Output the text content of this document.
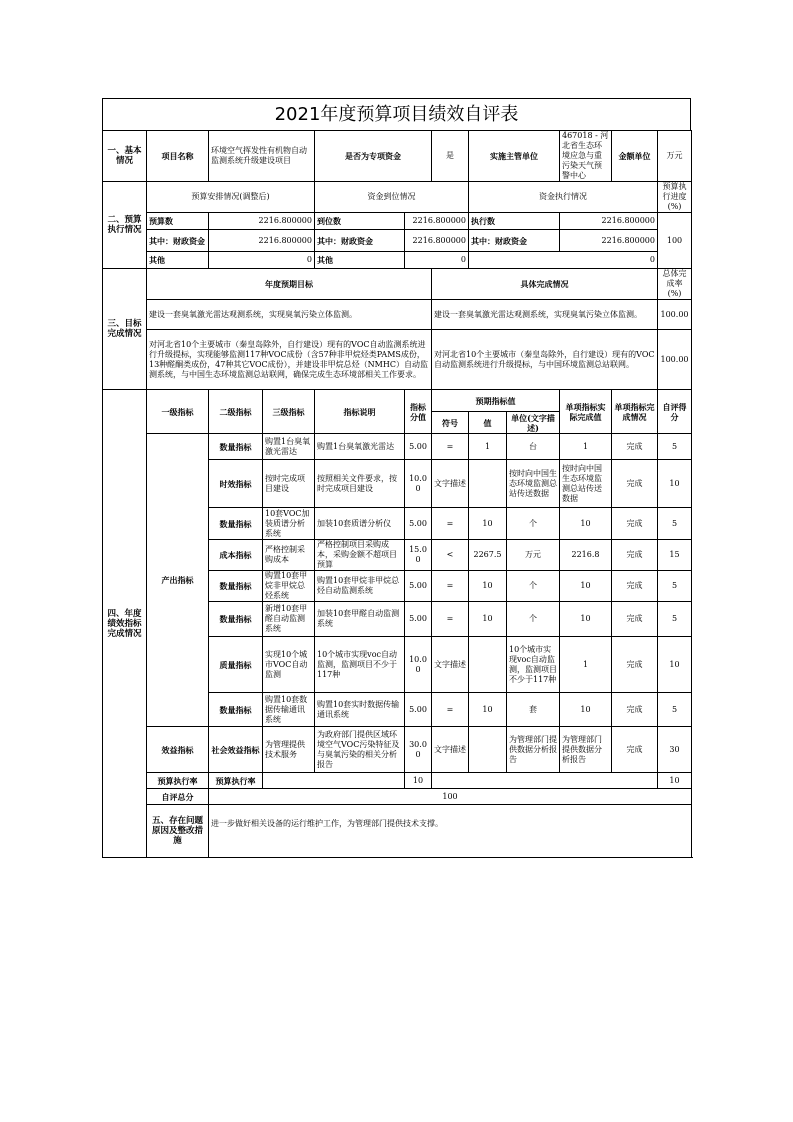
2021年度预算项目绩效自评表
一、基本情况	项目名称	环境空气挥发性有机物自动监测系统升级建设项目		是否为专项资金		是	实施主管单位		467018 - 河北省生态环境应急与重污染天气预警中心	金额单位	万元
二、预算执行情况	预算安排情况(调整后)			资金到位情况			资金执行情况				预算执行进度(%)
	预算数	2216.800000		到位数	2216.800000		执行数		2216.800000		100
	其中：财政资金	2216.800000		其中：财政资金	2216.800000		其中：财政资金		2216.800000		
	其他	0		其他	0		0				
三、目标完成情况	年度预期目标					具体完成情况					总体完成率(%)
	建设一套臭氧激光雷达观测系统，实现臭氧污染立体监测。					建设一套臭氧激光雷达观测系统，实现臭氧污染立体监测。					100.00
	对河北省10个主要城市（秦皇岛除外，自行建设）现有的VOC自动监测系统进行升级提标，实现能够监测117种VOC成份（含57种非甲烷烃类PAMS成份，13种醛酮类成份，47种其它VOC成份），并建设非甲烷总烃（NMHC）自动监测系统，与中国生态环境监测总站联网，确保完成生态环境部相关工作要求。					对河北省10个主要城市（秦皇岛除外，自行建设）现有的VOC自动监测系统进行升级提标，与中国环境监测总站联网。					100.00
四、年度绩效指标完成情况	一级指标	二级指标	三级指标	指标说明	指标分值	预期指标值			单项指标实际完成值	单项指标完成情况	自评得分
						符号	值	单位(文字描述)			
	产出指标	数量指标	购置1台臭氧激光雷达	购置1台臭氧激光雷达	5.00	=	1	台	1	完成	5
		时效指标	按时完成项目建设	按照相关文件要求，按时完成项目建设	10.00	文字描述		按时向中国生态环境监测总站传送数据	按时向中国生态环境监测总站传送数据	完成	10
		数量指标	10套VOC加装质谱分析系统	加装10套质谱分析仪	5.00	=	10	个	10	完成	5
		成本指标	严格控制采购成本	严格控制项目采购成本，采购金额不超项目预算	15.00	<	2267.5	万元	2216.8	完成	15
		数量指标	购置10套甲烷非甲烷总烃系统	购置10套甲烷非甲烷总烃自动监测系统	5.00	=	10	个	10	完成	5
		数量指标	新增10套甲醛自动监测系统	加装10套甲醛自动监测系统	5.00	=	10	个	10	完成	5
		质量指标	实现10个城市VOC自动监测	10个城市实现voc自动监测，监测项目不少于117种	10.00	文字描述		10个城市实现voc自动监测，监测项目不少于117种	1	完成	10
		数量指标	购置10套数据传输通讯系统	购置10套实时数据传输通讯系统	5.00	=	10	套	10	完成	5
	效益指标	社会效益指标	为管理提供技术服务	为政府部门提供区域环境空气VOC污染特征及与臭氧污染的相关分析报告	30.00	文字描述		为管理部门提供数据分析报告	为管理部门提供数据分析报告	完成	30
	预算执行率	预算执行率			10						10
	自评总分	100									
	五、存在问题原因及整改措施	进一步做好相关设备的运行维护工作，为管理部门提供技术支撑。									
